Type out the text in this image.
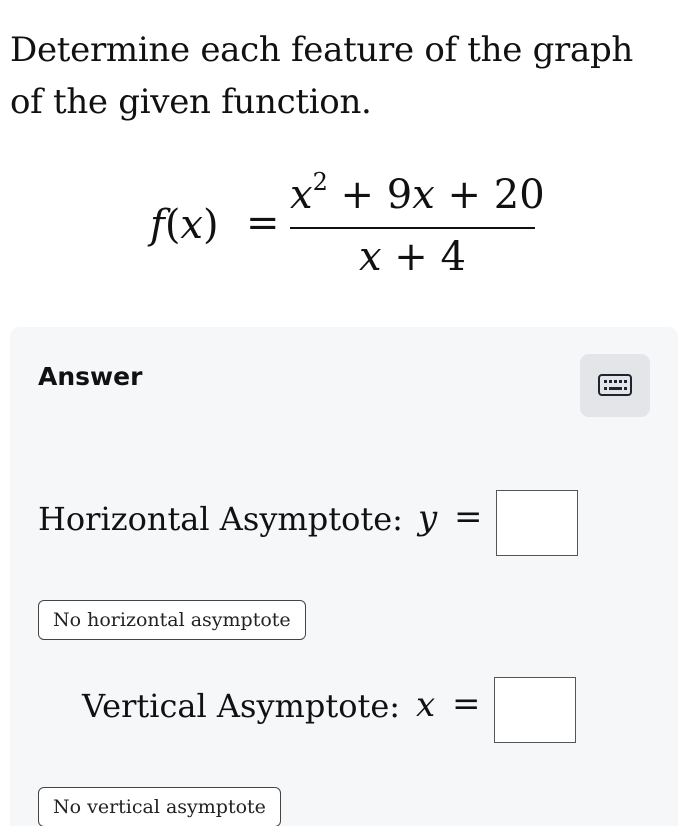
Determine each feature of the graph of the given function.
f(x) =
$x^2 + 9x + 20$
x + 4
Answer
Horizontal Asymptote: y =
No horizontal asymptote
Vertical Asymptote: x =
No vertical asymptote
